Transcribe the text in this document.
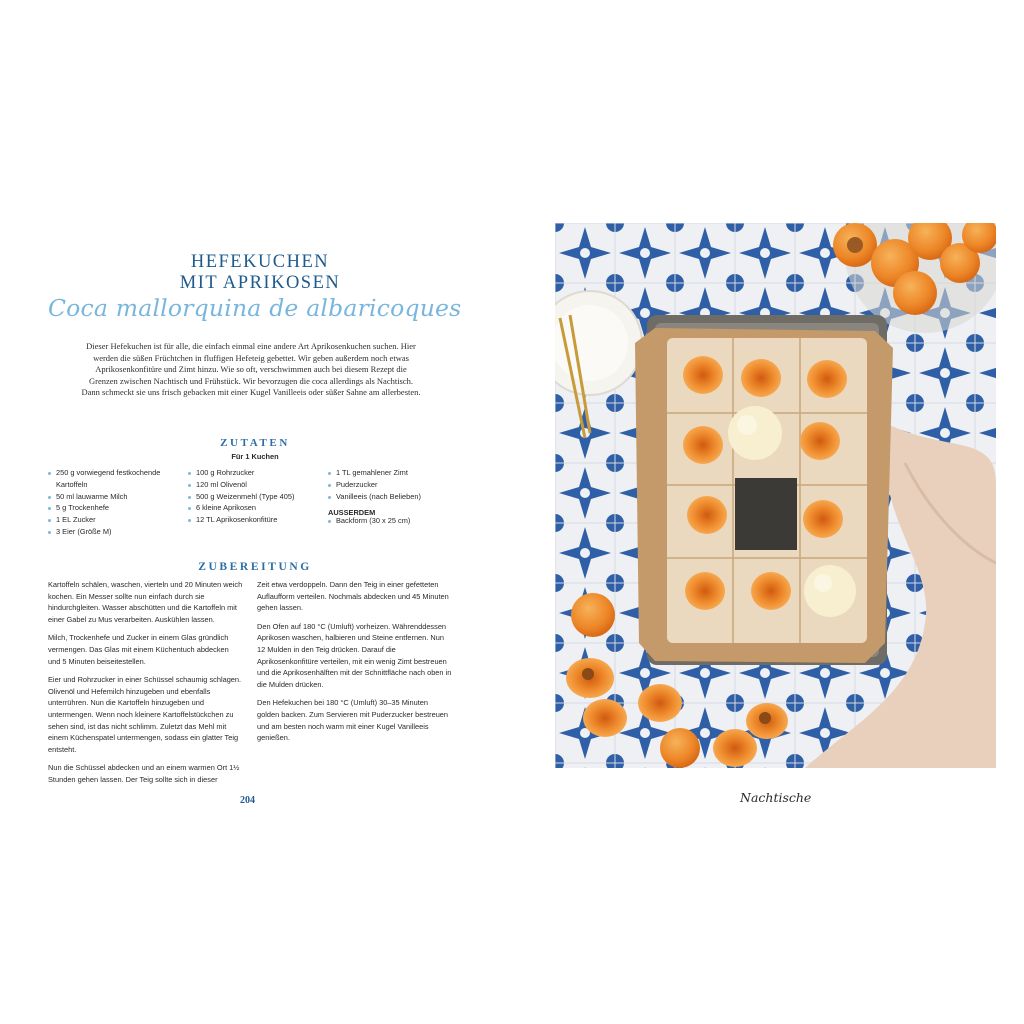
HEFEKUCHEN
MIT APRIKOSEN
Coca mallorquina de albaricoques

Dieser Hefekuchen ist für alle, die einfach einmal eine andere Art Aprikosenkuchen suchen. Hier werden die süßen Früchtchen in fluffigen Hefeteig gebettet. Wir geben außerdem noch etwas Aprikosenkonfitüre und Zimt hinzu. Wie so oft, verschwimmen auch bei diesem Rezept die Grenzen zwischen Nachtisch und Frühstück. Wir bevorzugen die coca allerdings als Nachtisch. Dann schmeckt sie uns frisch gebacken mit einer Kugel Vanilleeis oder süßer Sahne am allerbesten.

ZUTATEN
Für 1 Kuchen
250 g vorwiegend festkochende Kartoffeln
50 ml lauwarme Milch
5 g Trockenhefe
1 EL Zucker
3 Eier (Größe M)
100 g Rohrzucker
120 ml Olivenöl
500 g Weizenmehl (Type 405)
6 kleine Aprikosen
12 TL Aprikosenkonfitüre
1 TL gemahlener Zimt
Puderzucker
Vanilleeis (nach Belieben)
AUSSERDEM
Backform (30 x 25 cm)
ZUBEREITUNG

Kartoffeln schälen, waschen, vierteln und 20 Minuten weich kochen. Ein Messer sollte nun einfach durch sie hindurchgleiten. Wasser abschütten und die Kartoffeln mit einer Gabel zu Mus verarbeiten. Auskühlen lassen.

Milch, Trockenhefe und Zucker in einem Glas gründlich vermengen. Das Glas mit einem Küchentuch abdecken und 5 Minuten beiseitestellen.

Eier und Rohrzucker in einer Schüssel schaumig schlagen. Olivenöl und Hefemilch hinzugeben und ebenfalls unterrühren. Nun die Kartoffeln hinzugeben und untermengen. Wenn noch kleinere Kartoffelstückchen zu sehen sind, ist das nicht schlimm. Zuletzt das Mehl mit einem Küchenspatel untermengen, sodass ein glatter Teig entsteht.

Nun die Schüssel abdecken und an einem warmen Ort 1½ Stunden gehen lassen. Der Teig sollte sich in dieser

Zeit etwa verdoppeln. Dann den Teig in einer gefetteten Auflaufform verteilen. Nochmals abdecken und 45 Minuten gehen lassen.

Den Ofen auf 180 °C (Umluft) vorheizen. Währenddessen Aprikosen waschen, halbieren und Steine entfernen. Nun 12 Mulden in den Teig drücken. Darauf die Aprikosenkonfitüre verteilen, mit ein wenig Zimt bestreuen und die Aprikosenhälften mit der Schnittfläche nach oben in die Mulden drücken.

Den Hefekuchen bei 180 °C (Umluft) 30–35 Minuten golden backen. Zum Servieren mit Puderzucker bestreuen und am besten noch warm mit einer Kugel Vanilleeis genießen.

204	Nachtische
